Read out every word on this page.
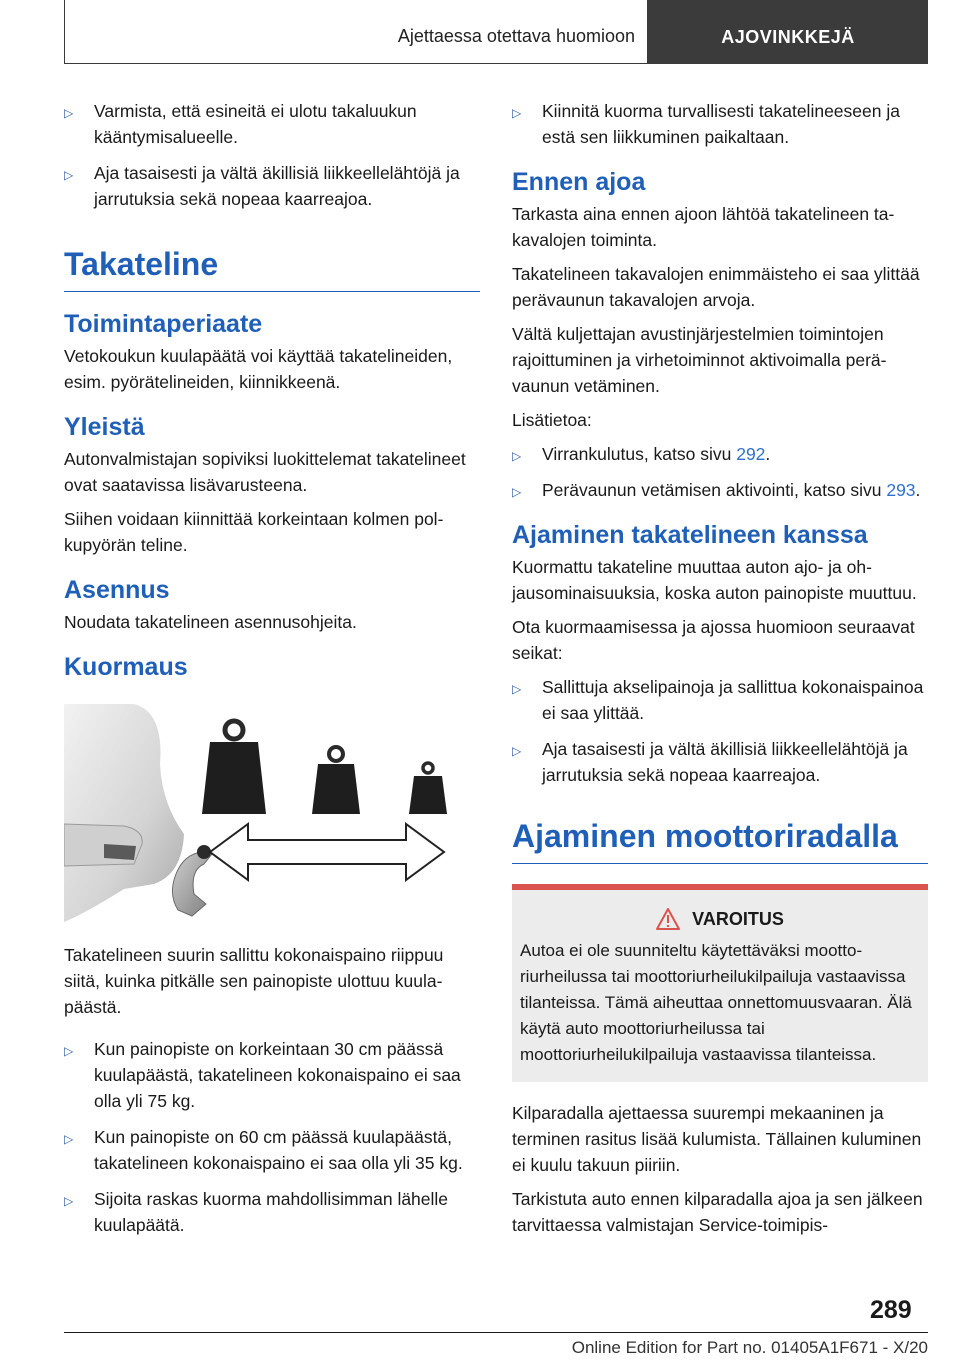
Ajettaessa otettava huomioon	AJOVINKKEJÄ
▷ Varmista, että esineitä ei ulotu takaluukun kääntymisalueelle.
▷ Aja tasaisesti ja vältä äkillisiä liikkeellelähtöjä ja jarrutuksia sekä nopeaa kaarreajoa.
Takateline
Toimintaperiaate

Vetokoukun kuulapäätä voi käyttää takatelineiden, esim. pyörätelineiden, kiinnikkeenä.

Yleistä

Autonvalmistajan sopiviksi luokittelemat takatelineet ovat saatavissa lisävarusteena.

Siihen voidaan kiinnittää korkeintaan kolmen polkupyörän teline.

Asennus

Noudata takatelineen asennusohjeita.

Kuormaus

Takatelineen suurin sallittu kokonaispaino riippuu siitä, kuinka pitkälle sen painopiste ulottuu kuulapäästä.

▷ Kun painopiste on korkeintaan 30 cm päässä kuulapäästä, takatelineen kokonaispaino ei saa olla yli 75 kg.
▷ Kun painopiste on 60 cm päässä kuulapäästä, takatelineen kokonaispaino ei saa olla yli 35 kg.
▷ Sijoita raskas kuorma mahdollisimman lähelle kuulapäätä.
▷ Kiinnitä kuorma turvallisesti takatelineeseen ja estä sen liikkuminen paikaltaan.
Ennen ajoa

Tarkasta aina ennen ajoon lähtöä takatelineen takavalojen toiminta.

Takatelineen takavalojen enimmäisteho ei saa ylittää perävaunun takavalojen arvoja.

Vältä kuljettajan avustinjärjestelmien toimintojen rajoittuminen ja virhetoiminnot aktivoimalla perävaunun vetäminen.

Lisätietoa:

▷ Virrankulutus, katso sivu 292.
▷ Perävaunun vetämisen aktivointi, katso sivu 293.
Ajaminen takatelineen kanssa

Kuormattu takateline muuttaa auton ajo- ja ohjausominaisuuksia, koska auton painopiste muuttuu.

Ota kuormaamisessa ja ajossa huomioon seuraavat seikat:

▷ Sallittuja akselipainoja ja sallittua kokonaispainoa ei saa ylittää.
▷ Aja tasaisesti ja vältä äkillisiä liikkeellelähtöjä ja jarrutuksia sekä nopeaa kaarreajoa.
Ajaminen moottoriradalla
VAROITUS

Autoa ei ole suunniteltu käytettäväksi moottoriurheilussa tai moottoriurheilukilpailuja vastaavissa tilanteissa. Tämä aiheuttaa onnettomuusvaaran. Älä käytä auto moottoriurheilussa tai moottoriurheilukilpailuja vastaavissa tilanteissa.

Kilparadalla ajettaessa suurempi mekaaninen ja terminen rasitus lisää kulumista. Tällainen kuluminen ei kuulu takuun piiriin.

Tarkistuta auto ennen kilparadalla ajoa ja sen jälkeen tarvittaessa valmistajan Service-toimipis-

289
Online Edition for Part no. 01405A1F671 - X/20
